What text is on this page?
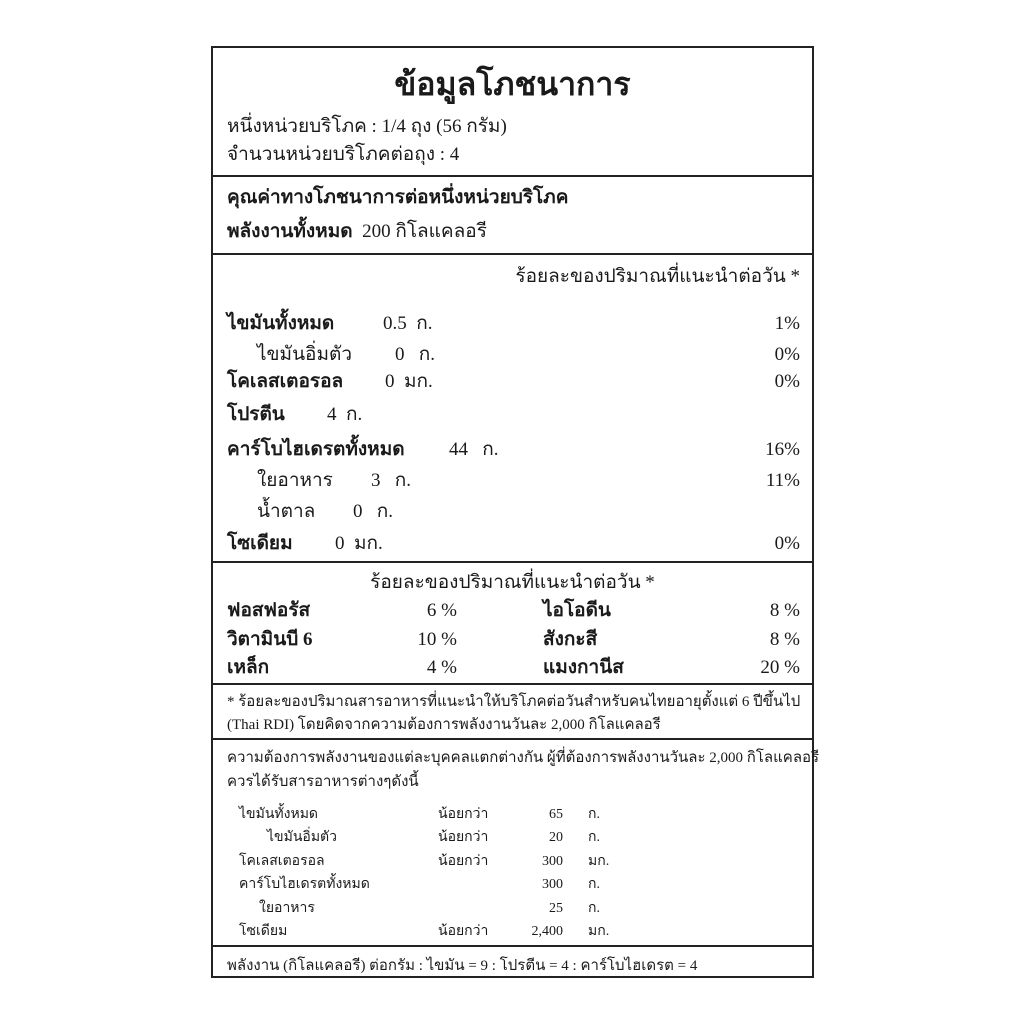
ข้อมูลโภชนาการ
หนึ่งหน่วยบริโภค : 1/4 ถุง (56 กรัม)
จำนวนหน่วยบริโภคต่อถุง : 4
คุณค่าทางโภชนาการต่อหนึ่งหน่วยบริโภค
พลังงานทั้งหมด 200 กิโลแคลอรี
ร้อยละของปริมาณที่แนะนำต่อวัน *
ไขมันทั้งหมด	0.5 ก.	1%
ไขมันอิ่มตัว 0 ก.	0%
โคเลสเตอรอล 0 มก.	0%
โปรตีน 4 ก.
คาร์โบไฮเดรตทั้งหมด 44 ก.	16%
ใยอาหาร 3 ก.	11%
น้ำตาล 0 ก.
โซเดียม 0 มก.	0%
ร้อยละของปริมาณที่แนะนำต่อวัน *
ฟอสฟอรัส	6 %	ไอโอดีน	8 %
วิตามินบี 6	10 %	สังกะสี	8 %
เหล็ก	4 %	แมงกานีส	20 %
* ร้อยละของปริมาณสารอาหารที่แนะนำให้บริโภคต่อวันสำหรับคนไทยอายุตั้งแต่ 6 ปีขึ้นไป
(Thai RDI) โดยคิดจากความต้องการพลังงานวันละ 2,000 กิโลแคลอรี
ความต้องการพลังงานของแต่ละบุคคลแตกต่างกัน ผู้ที่ต้องการพลังงานวันละ 2,000 กิโลแคลอรี
ควรได้รับสารอาหารต่างๆดังนี้
ไขมันทั้งหมด	น้อยกว่า	65 ก.
ไขมันอิ่มตัว	น้อยกว่า	20 ก.
โคเลสเตอรอล	น้อยกว่า	300 มก.
คาร์โบไฮเดรตทั้งหมด	300 ก.
ใยอาหาร	25 ก.
โซเดียม	น้อยกว่า	2,400 มก.
พลังงาน (กิโลแคลอรี) ต่อกรัม : ไขมัน = 9 : โปรตีน = 4 : คาร์โบไฮเดรต = 4
